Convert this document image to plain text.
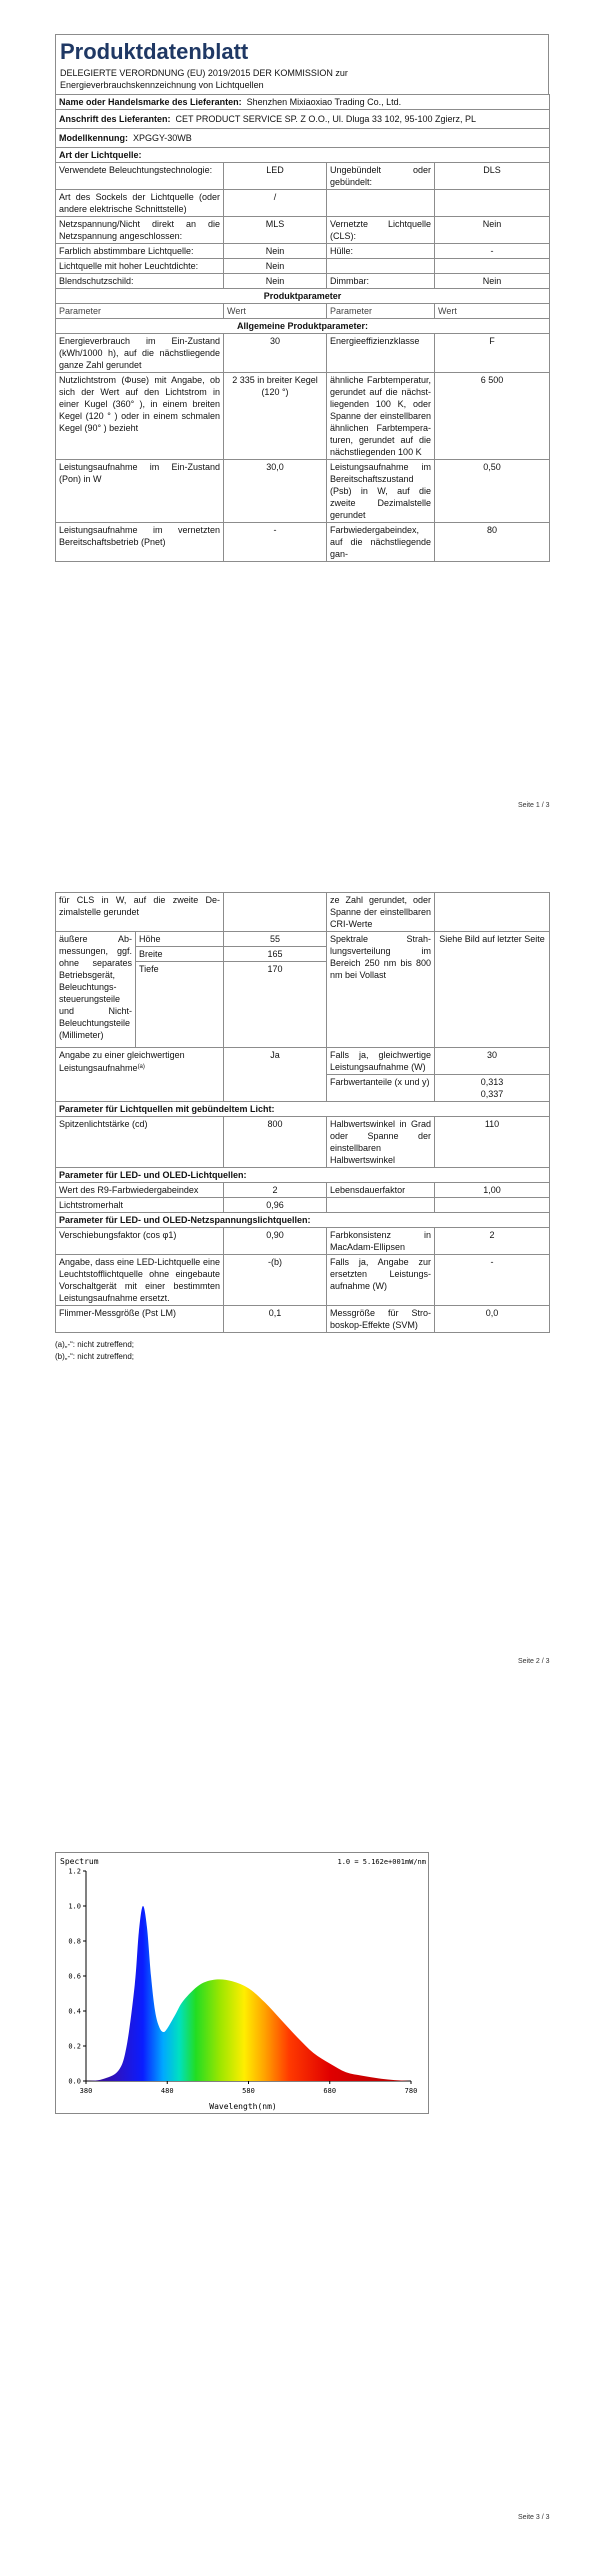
Produktdatenblatt
DELEGIERTE VERORDNUNG (EU) 2019/2015 DER KOMMISSION zur
Energieverbrauchskennzeichnung von Lichtquellen
Name oder Handelsmarke des Lieferanten: Shenzhen Mixiaoxiao Trading Co., Ltd.			
Anschrift des Lieferanten: CET PRODUCT SERVICE SP. Z O.O., Ul. Dluga 33 102, 95-100 Zgierz, PL			
Modellkennung: XPGGY-30WB			
Art der Lichtquelle:			
Verwendete Beleuchtungstechnologie:	LED	Ungebündelt oder gebündelt:	DLS
Art des Sockels der Lichtquelle (oder andere elektrische Schnittstelle)	/		
Netzspannung/Nicht direkt an die Netzspannung angeschlossen:	MLS	Vernetzte Lichtquelle (CLS):	Nein
Farblich abstimmbare Lichtquelle:	Nein	Hülle:	-
Lichtquelle mit hoher Leuchtdichte:	Nein		
Blendschutzschild:	Nein	Dimmbar:	Nein
Produktparameter			
Parameter	Wert	Parameter	Wert
Allgemeine Produktparameter:			
Energieverbrauch im Ein-Zustand (kWh/1000 h), auf die nächstliegende ganze Zahl gerundet	30	Energieeffizienzklasse	F
Nutzlichtstrom (Φuse) mit Angabe, ob sich der Wert auf den Lichtstrom in einer Kugel (360° ), in einem breiten Kegel (120 ° ) oder in einem schmalen Kegel (90° ) bezieht	2 335 in breiter Kegel (120 °)	ähnliche Farbtemperatur, gerundet auf die nächstliegenden 100 K, oder Spanne der einstellbaren ähnlichen Farbtemperaturen, gerundet auf die nächstliegenden 100 K	6 500
Leistungsaufnahme im Ein-Zustand (Pon) in W	30,0	Leistungsaufnahme im Bereitschaftszustand (Psb) in W, auf die zweite Dezimalstelle gerundet	0,50
Leistungsaufnahme im vernetzten Bereitschaftsbetrieb (Pnet)	-	Farbwiedergabeindex, auf die nächstliegende gan-	80
Seite 1 / 3
für CLS in W, auf die zweite Dezimalstelle gerundet			ze Zahl gerundet, oder Spanne der einstellbaren CRI-Werte	
äußere Abmessungen, ggf. ohne separates Betriebsgerät, Beleuchtungssteuerungsteile und Nicht-Beleuchtungsteile (Millimeter)	Höhe	55	Spektrale Strahlungsverteilung im Bereich 250 nm bis 800 nm bei Vollast	Siehe Bild auf letzter Seite
	Breite	165		
	Tiefe	170		
Angabe zu einer gleichwertigen Leistungsaufnahme$^{(a)}$		Ja	Falls ja, gleichwertige Leistungsaufnahme (W)	30
			Farbwertanteile (x und y)	0,313
0,337

Parameter für Lichtquellen mit gebündeltem Licht:				
Spitzenlichtstärke (cd)		800	Halbwertswinkel in Grad oder Spanne der einstellbaren Halbwertswinkel	110
Parameter für LED- und OLED-Lichtquellen:				
Wert des R9-Farbwiedergabeindex		2	Lebensdauerfaktor	1,00
Lichtstromerhalt		0,96		
Parameter für LED- und OLED-Netzspannungslichtquellen:				
Verschiebungsfaktor (cos φ1)		0,90	Farbkonsistenz in MacAdam-Ellipsen	2
Angabe, dass eine LED-Lichtquelle eine Leuchtstofflichtquelle ohne eingebaute Vorschaltgerät mit einer bestimmten Leistungsaufnahme ersetzt.		-(b)	Falls ja, Angabe zur ersetzten Leistungsaufnahme (W)	-
Flimmer-Messgröße (Pst LM)		0,1	Messgröße für Stroboskop-Effekte (SVM)	0,0
(a)„-“: nicht zutreffend;
(b)„-“: nicht zutreffend;
Seite 2 / 3
Spectrum	1.0 = 5.162e+001mW/nm
Wavelength(nm)
0.0
0.2
0.4
0.6
0.8
1.0
1.2
380	480	580	680	780
Seite 3 / 3
